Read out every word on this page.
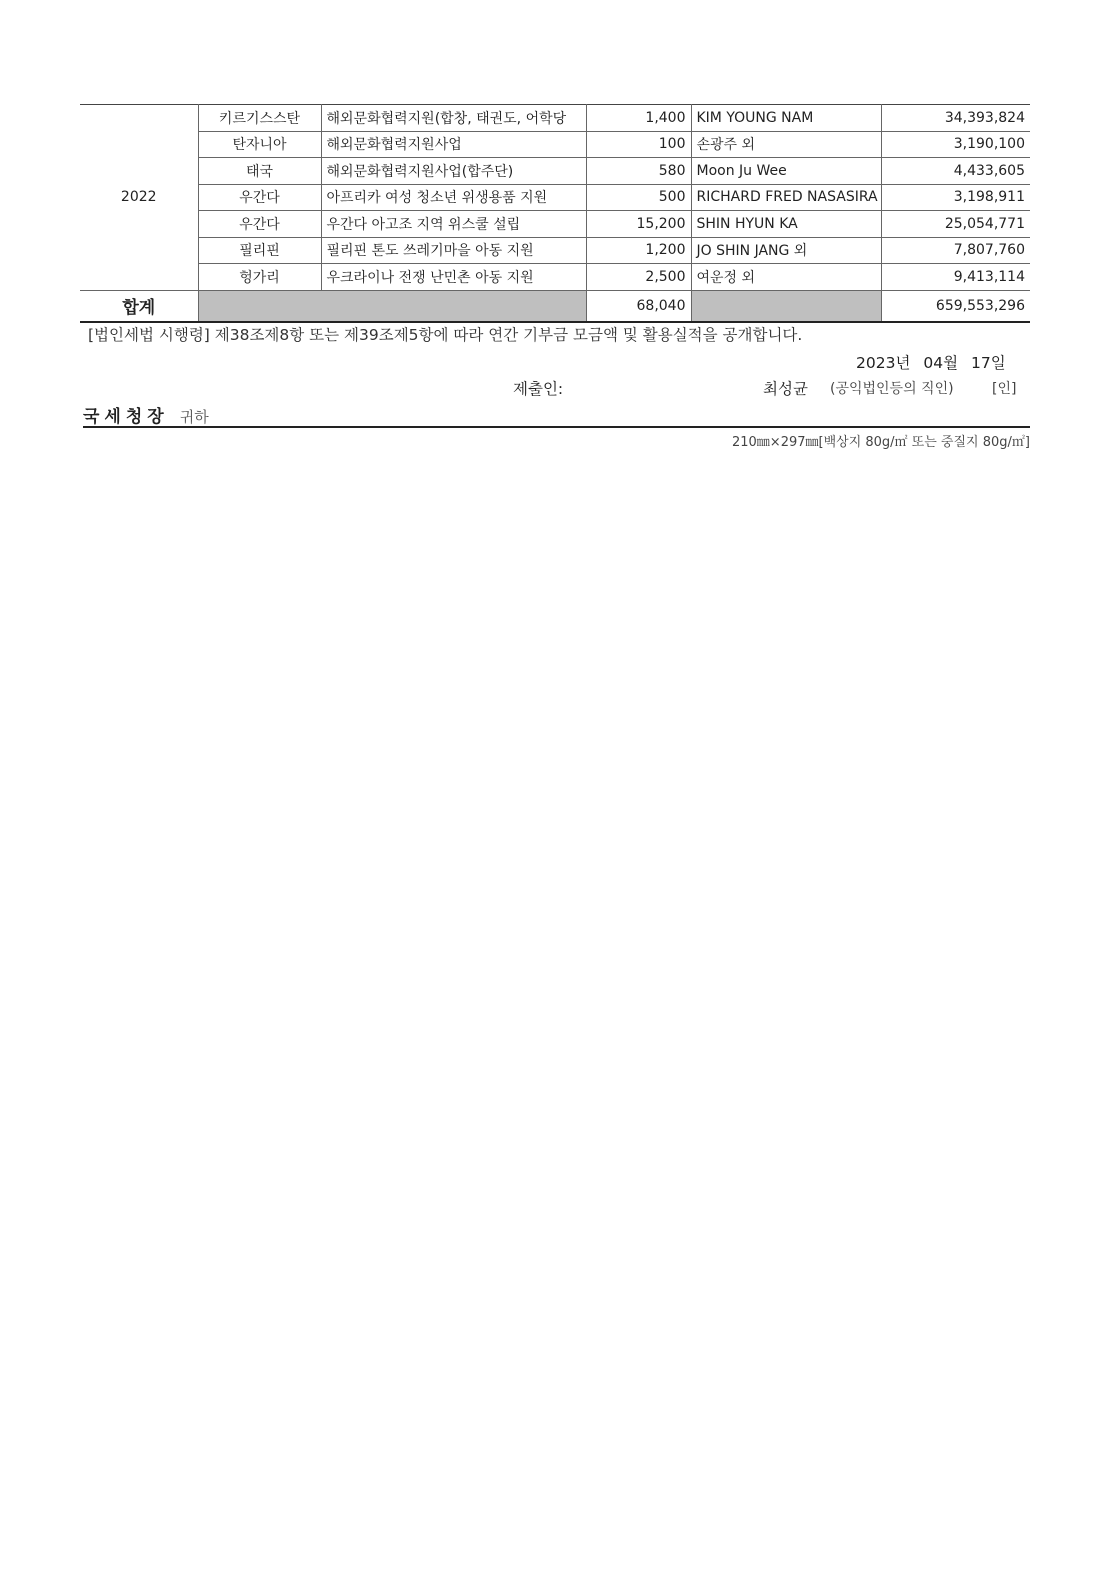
2022	키르기스스탄	해외문화협력지원(합창, 태권도, 어학당	1,400	KIM YOUNG NAM	34,393,824
	탄자니아	해외문화협력지원사업	100	손광주 외	3,190,100
	태국	해외문화협력지원사업(합주단)	580	Moon Ju Wee	4,433,605
	우간다	아프리카 여성 청소년 위생용품 지원	500	RICHARD FRED NASASIRA	3,198,911
	우간다	우간다 아고조 지역 위스쿨 설립	15,200	SHIN HYUN KA	25,054,771
	필리핀	필리핀 톤도 쓰레기마을 아동 지원	1,200	JO SHIN JANG 외	7,807,760
	헝가리	우크라이나 전쟁 난민촌 아동 지원	2,500	여운정 외	9,413,114
합계			68,040		659,553,296
[법인세법 시행령] 제38조제8항 또는 제39조제5항에 따라 연간 기부금 모금액 및 활용실적을 공개합니다.
2023년 04월 17일
제출인:	최성균 (공익법인등의 직인)	[인]
국세청장 귀하
210㎜×297㎜[백상지 80g/㎡ 또는 중질지 80g/㎡]
